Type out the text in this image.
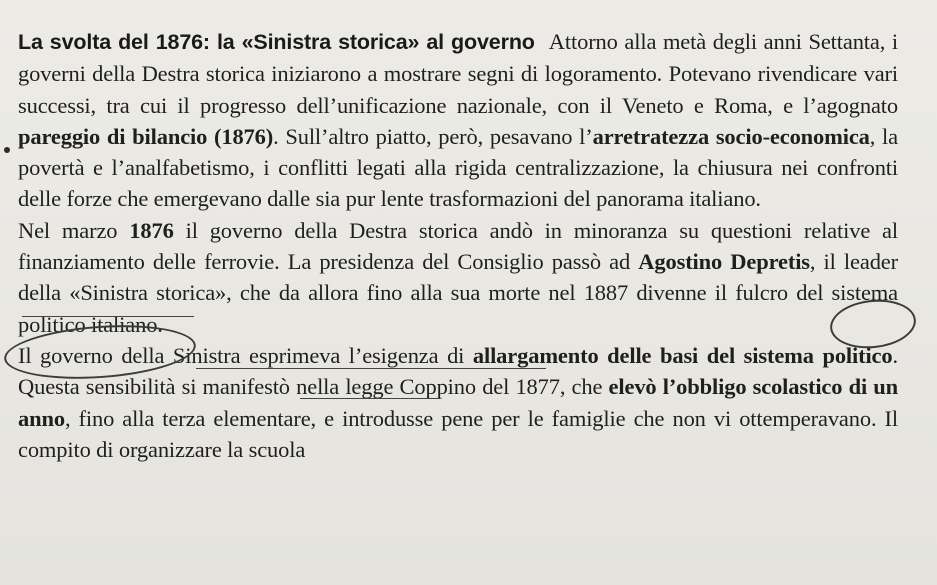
La svolta del 1876: la «Sinistra storica» al governo Attorno alla metà degli anni Settanta, i governi della Destra storica iniziarono a mostrare segni di logoramento. Potevano rivendicare vari successi, tra cui il progresso dell’unificazione nazionale, con il Veneto e Roma, e l’agognato pareggio di bilancio (1876). Sull’altro piatto, però, pesavano l’arretratezza socio-economica, la povertà e l’analfabetismo, i conflitti legati alla rigida centralizzazione, la chiusura nei confronti delle forze che emergevano dalle sia pur lente trasformazioni del panorama italiano.

Nel marzo 1876 il governo della Destra storica andò in minoranza su questioni relative al finanziamento delle ferrovie. La presidenza del Consiglio passò ad Agostino Depretis, il leader della «Sinistra storica», che da allora fino alla sua morte nel 1887 divenne il fulcro del sistema politico italiano.

Il governo della Sinistra esprimeva l’esigenza di allargamento delle basi del sistema politico. Questa sensibilità si manifestò nella legge Coppino del 1877, che elevò l’obbligo scolastico di un anno, fino alla terza elementare, e introdusse pene per le famiglie che non vi ottemperavano. Il compito di organizzare la scuola
